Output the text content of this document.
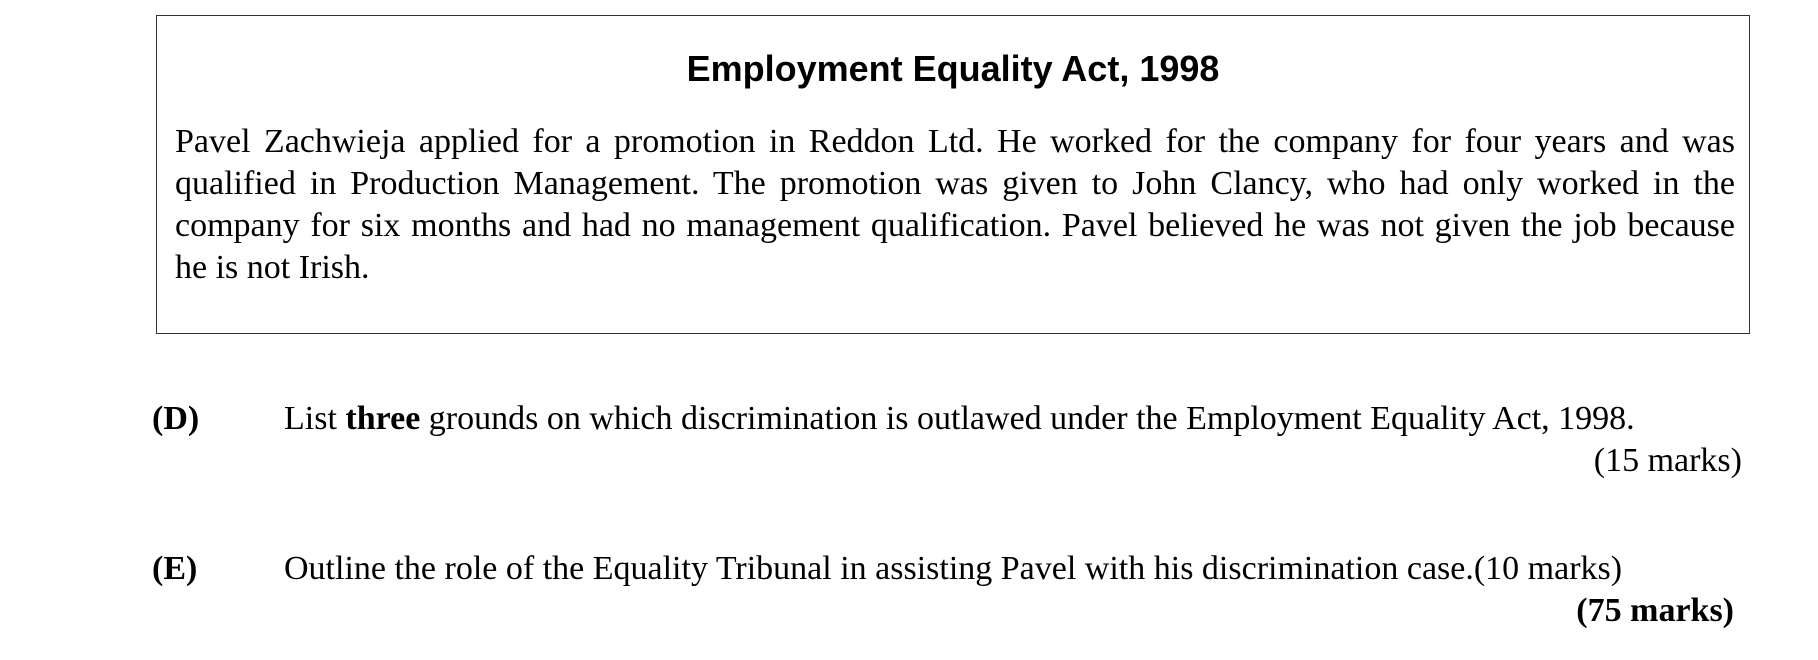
Employment Equality Act, 1998

Pavel Zachwieja applied for a promotion in Reddon Ltd. He worked for the company for four years and was qualified in Production Management. The promotion was given to John Clancy, who had only worked in the company for six months and had no management qualification. Pavel believed he was not given the job because he is not Irish.

(D) List three grounds on which discrimination is outlawed under the Employment Equality Act, 1998.
(15 marks)
(E)	Outline the role of the Equality Tribunal in assisting Pavel with his discrimination case.(10 marks)
(75 marks)
